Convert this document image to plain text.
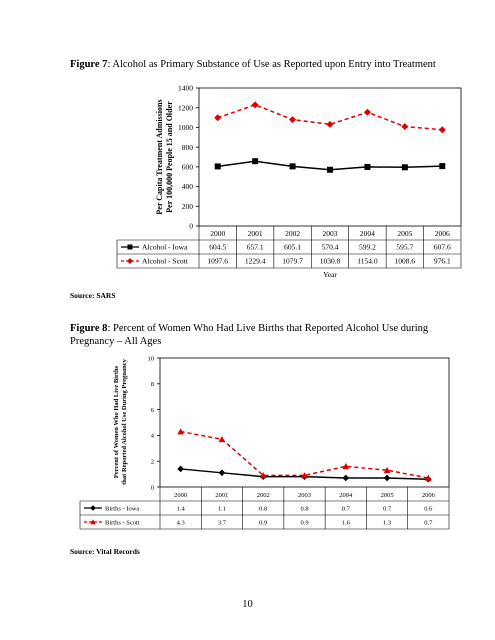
Figure 7: Alcohol as Primary Substance of Use as Reported upon Entry into Treatment
Figure 8: Percent of Women Who Had Live Births that Reported Alcohol Use during Pregnancy – All Ages
Source: SARS
Source: Vital Records
0
200
400
600
800
1000
1200
1400
Per Capita Treatment AdmissionsPer 100,000 People 15 and Older
2000	2001	2002	2003	2004	2005	2006
Alcohol - Iowa	604.5	657.1	605.1	570.4	599.2	595.7	607.6
Alcohol - Scott	1097.6 1229.4 1079.7 1030.8 1154.0 1008.6 976.1
Year
0
2
4
6
8
10
Percent of Women Who Had Live Birthsthat Reported Alcohol Use During Pregnancy
2000	2001	2002	2003	2004	2005	2006
Births - Iowa	1.4	1.1	0.8	0.8	0.7	0.7	0.6
Births - Scott	4.3	3.7	0.9	0.9	1.6	1.3	0.7
10
